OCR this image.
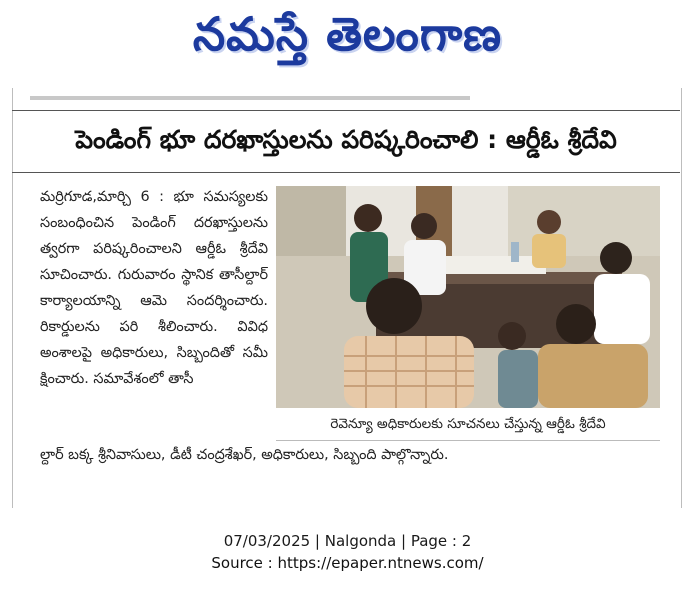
నమస్తే తెలంగాణ
పెండింగ్ భూ దరఖాస్తులను పరిష్కరించాలి : ఆర్డీఓ శ్రీదేవి
మర్రిగూడ,మార్చి 6 : భూ సమస్యలకు సంబంధించిన పెండింగ్ దరఖాస్తులను త్వరగా పరిష్కరించాలని ఆర్డీఓ శ్రీదేవి సూచించారు. గురువారం స్థానిక తాసీల్దార్ కార్యాలయాన్ని ఆమె సందర్శించారు. రికార్డులను పరి శీలించారు. వివిధ అంశాలపై అధికారులు, సిబ్బందితో సమీ క్షించారు. సమావేశంలో తాసీ
రెవెన్యూ అధికారులకు సూచనలు చేస్తున్న ఆర్డీఓ శ్రీదేవి
ల్దార్ బక్క శ్రీనివాసులు, డీటీ చంద్రశేఖర్, అధికారులు, సిబ్బంది పాల్గొన్నారు.
07/03/2025 | Nalgonda | Page : 2
Source : https://epaper.ntnews.com/
